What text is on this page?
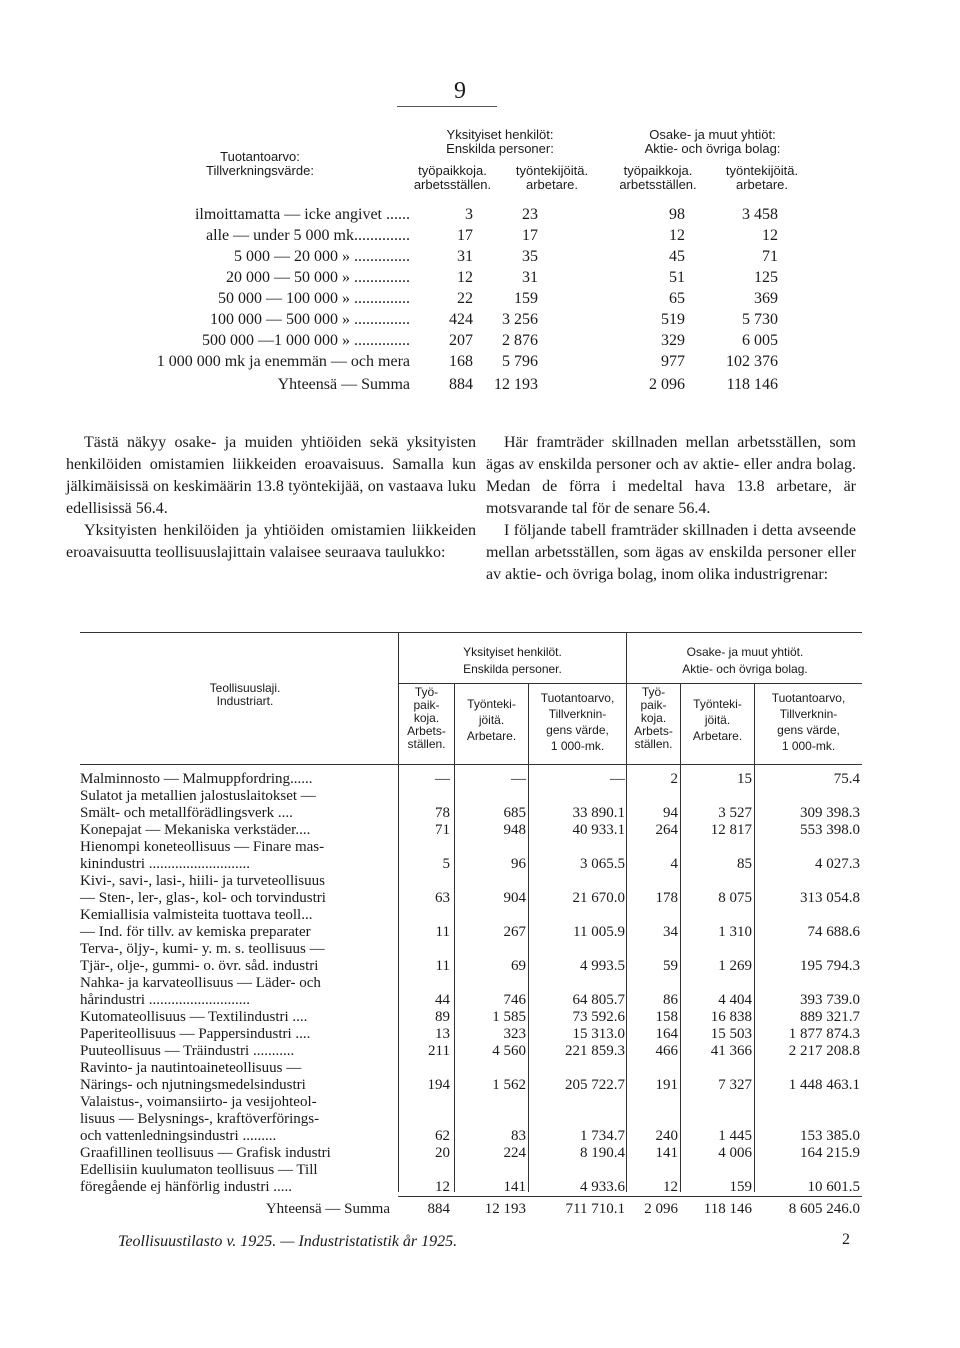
9
Tuotantoarvo:
Tillverkningsvärde:
Yksityiset henkilöt:
Enskilda personer:
Osake- ja muut yhtiöt:
Aktie- och övriga bolag:
työpaikkoja.
arbetsställen.
työntekijöitä.
arbetare.
työpaikkoja.
arbetsställen.
työntekijöitä.
arbetare.
ilmoittamatta — icke angivet ......	3	23	98	3 458
alle — under 5 000 mk..............	17	17	12	12
5 000 — 20 000 » ..............	31	35	45	71
20 000 — 50 000 » ..............	12	31	51	125
50 000 — 100 000 » ..............	22	159	65	369
100 000 — 500 000 » ..............	424	3 256	519	5 730
500 000 —1 000 000 » ..............	207	2 876	329	6 005
1 000 000 mk ja enemmän — och mera	168	5 796	977	102 376
Yhteensä — Summa	884	12 193	2 096	118 146

Tästä näkyy osake- ja muiden yhtiöiden sekä yksityisten henkilöiden omistamien liikkeiden eroavaisuus. Samalla kun jälkimäisissä on keskimäärin 13.8 työntekijää, on vastaava luku edellisissä 56.4.

Yksityisten henkilöiden ja yhtiöiden omistamien liikkeiden eroavaisuutta teollisuuslajittain valaisee seuraava taulukko:

Här framträder skillnaden mellan arbetsställen, som ägas av enskilda personer och av aktie- eller andra bolag. Medan de förra i medeltal hava 13.8 arbetare, är motsvarande tal för de senare 56.4.

I följande tabell framträder skillnaden i detta avseende mellan arbetsställen, som ägas av enskilda personer eller av aktie- och övriga bolag, inom olika industrigrenar:

Teollisuuslaji.
Industriart.
Yksityiset henkilöt.
Enskilda personer.
Osake- ja muut yhtiöt.
Aktie- och övriga bolag.
Työ-
paik-
koja.
Arbets-
ställen.
Työnteki-
jöitä.
Arbetare.
Tuotantoarvo,
Tillverknin-
gens värde,
1 000-mk.
Työ-
paik-
koja.
Arbets-
ställen.
Työnteki-
jöitä.
Arbetare.
Tuotantoarvo,
Tillverknin-
gens värde,
1 000-mk.
Malminnosto — Malmuppfordring......	—	—	—	2	15	75.4
Sulatot ja metallien jalostuslaitokset —
Smält- och metallförädlingsverk ....	78	685	33 890.1	94	3 527	309 398.3
Konepajat — Mekaniska verkstäder....	71	948	40 933.1	264	12 817	553 398.0
Hienompi koneteollisuus — Finare mas-
kinindustri ...........................	5	96	3 065.5	4	85	4 027.3
Kivi-, savi-, lasi-, hiili- ja turveteollisuus
— Sten-, ler-, glas-, kol- och torvindustri	63	904	21 670.0	178	8 075	313 054.8
Kemiallisia valmisteita tuottava teoll...
— Ind. för tillv. av kemiska preparater	11	267	11 005.9	34	1 310	74 688.6
Terva-, öljy-, kumi- y. m. s. teollisuus —
Tjär-, olje-, gummi- o. övr. såd. industri	11	69	4 993.5	59	1 269	195 794.3
Nahka- ja karvateollisuus — Läder- och
hårindustri ...........................	44	746	64 805.7	86	4 404	393 739.0
Kutomateollisuus — Textilindustri ....	89	1 585	73 592.6	158	16 838	889 321.7
Paperiteollisuus — Pappersindustri ....	13	323	15 313.0	164	15 503	1 877 874.3
Puuteollisuus — Träindustri ...........	211	4 560	221 859.3	466	41 366	2 217 208.8
Ravinto- ja nautintoaineteollisuus —
Närings- och njutningsmedelsindustri	194	1 562	205 722.7	191	7 327	1 448 463.1
Valaistus-, voimansiirto- ja vesijohteol-
lisuus — Belysnings-, kraftöverförings-
och vattenledningsindustri .........	62	83	1 734.7	240	1 445	153 385.0
Graafillinen teollisuus — Grafisk industri	20	224	8 190.4	141	4 006	164 215.9
Edellisiin kuulumaton teollisuus — Till
föregående ej hänförlig industri .....	12	141	4 933.6	12	159	10 601.5
Yhteensä — Summa	884	12 193	711 710.1	2 096	118 146	8 605 246.0
Teollisuustilasto v. 1925. — Industristatistik år 1925.	2
